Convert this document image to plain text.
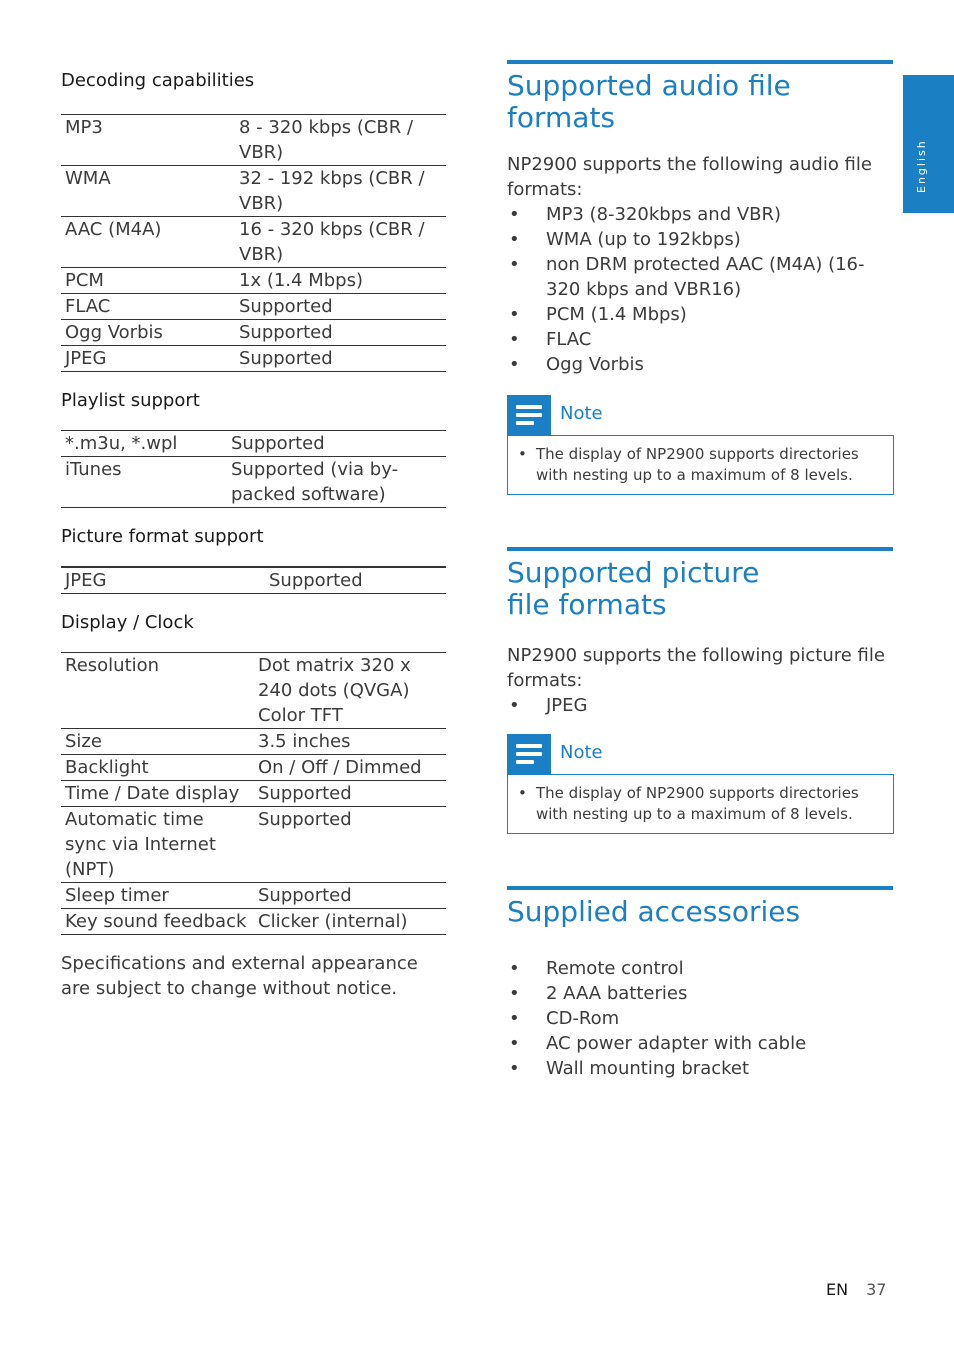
English

Decoding capabilities

MP3	8 - 320 kbps (CBR / VBR)
WMA	32 - 192 kbps (CBR / VBR)
AAC (M4A)	16 - 320 kbps (CBR / VBR)
PCM	1x (1.4 Mbps)
FLAC	Supported
Ogg Vorbis	Supported
JPEG	Supported

Playlist support

*.m3u, *.wpl	Supported
iTunes	Supported (via by-packed software)

Picture format support

JPEG	Supported

Display / Clock

Resolution	Dot matrix 320 x 240 dots (QVGA)
Color TFT
Size	3.5 inches
Backlight	On / Off / Dimmed
Time / Date display	Supported
Automatic time sync via Internet (NPT)	Supported
Sleep timer	Supported
Key sound feedback	Clicker (internal)

Specifications and external appearance are subject to change without notice.

Supported audio file formats

NP2900 supports the following audio file formats:

• MP3 (8-320kbps and VBR)
• WMA (up to 192kbps)
• non DRM protected AAC (M4A) (16-320 kbps and VBR16)
• PCM (1.4 Mbps)
• FLAC
• Ogg Vorbis
Note
• The display of NP2900 supports directories with nesting up to a maximum of 8 levels.
Supported picture file formats

NP2900 supports the following picture file formats:

• JPEG
Note
• The display of NP2900 supports directories with nesting up to a maximum of 8 levels.
Supplied accessories
• Remote control
• 2 AAA batteries
• CD-Rom
• AC power adapter with cable
• Wall mounting bracket
EN 37
